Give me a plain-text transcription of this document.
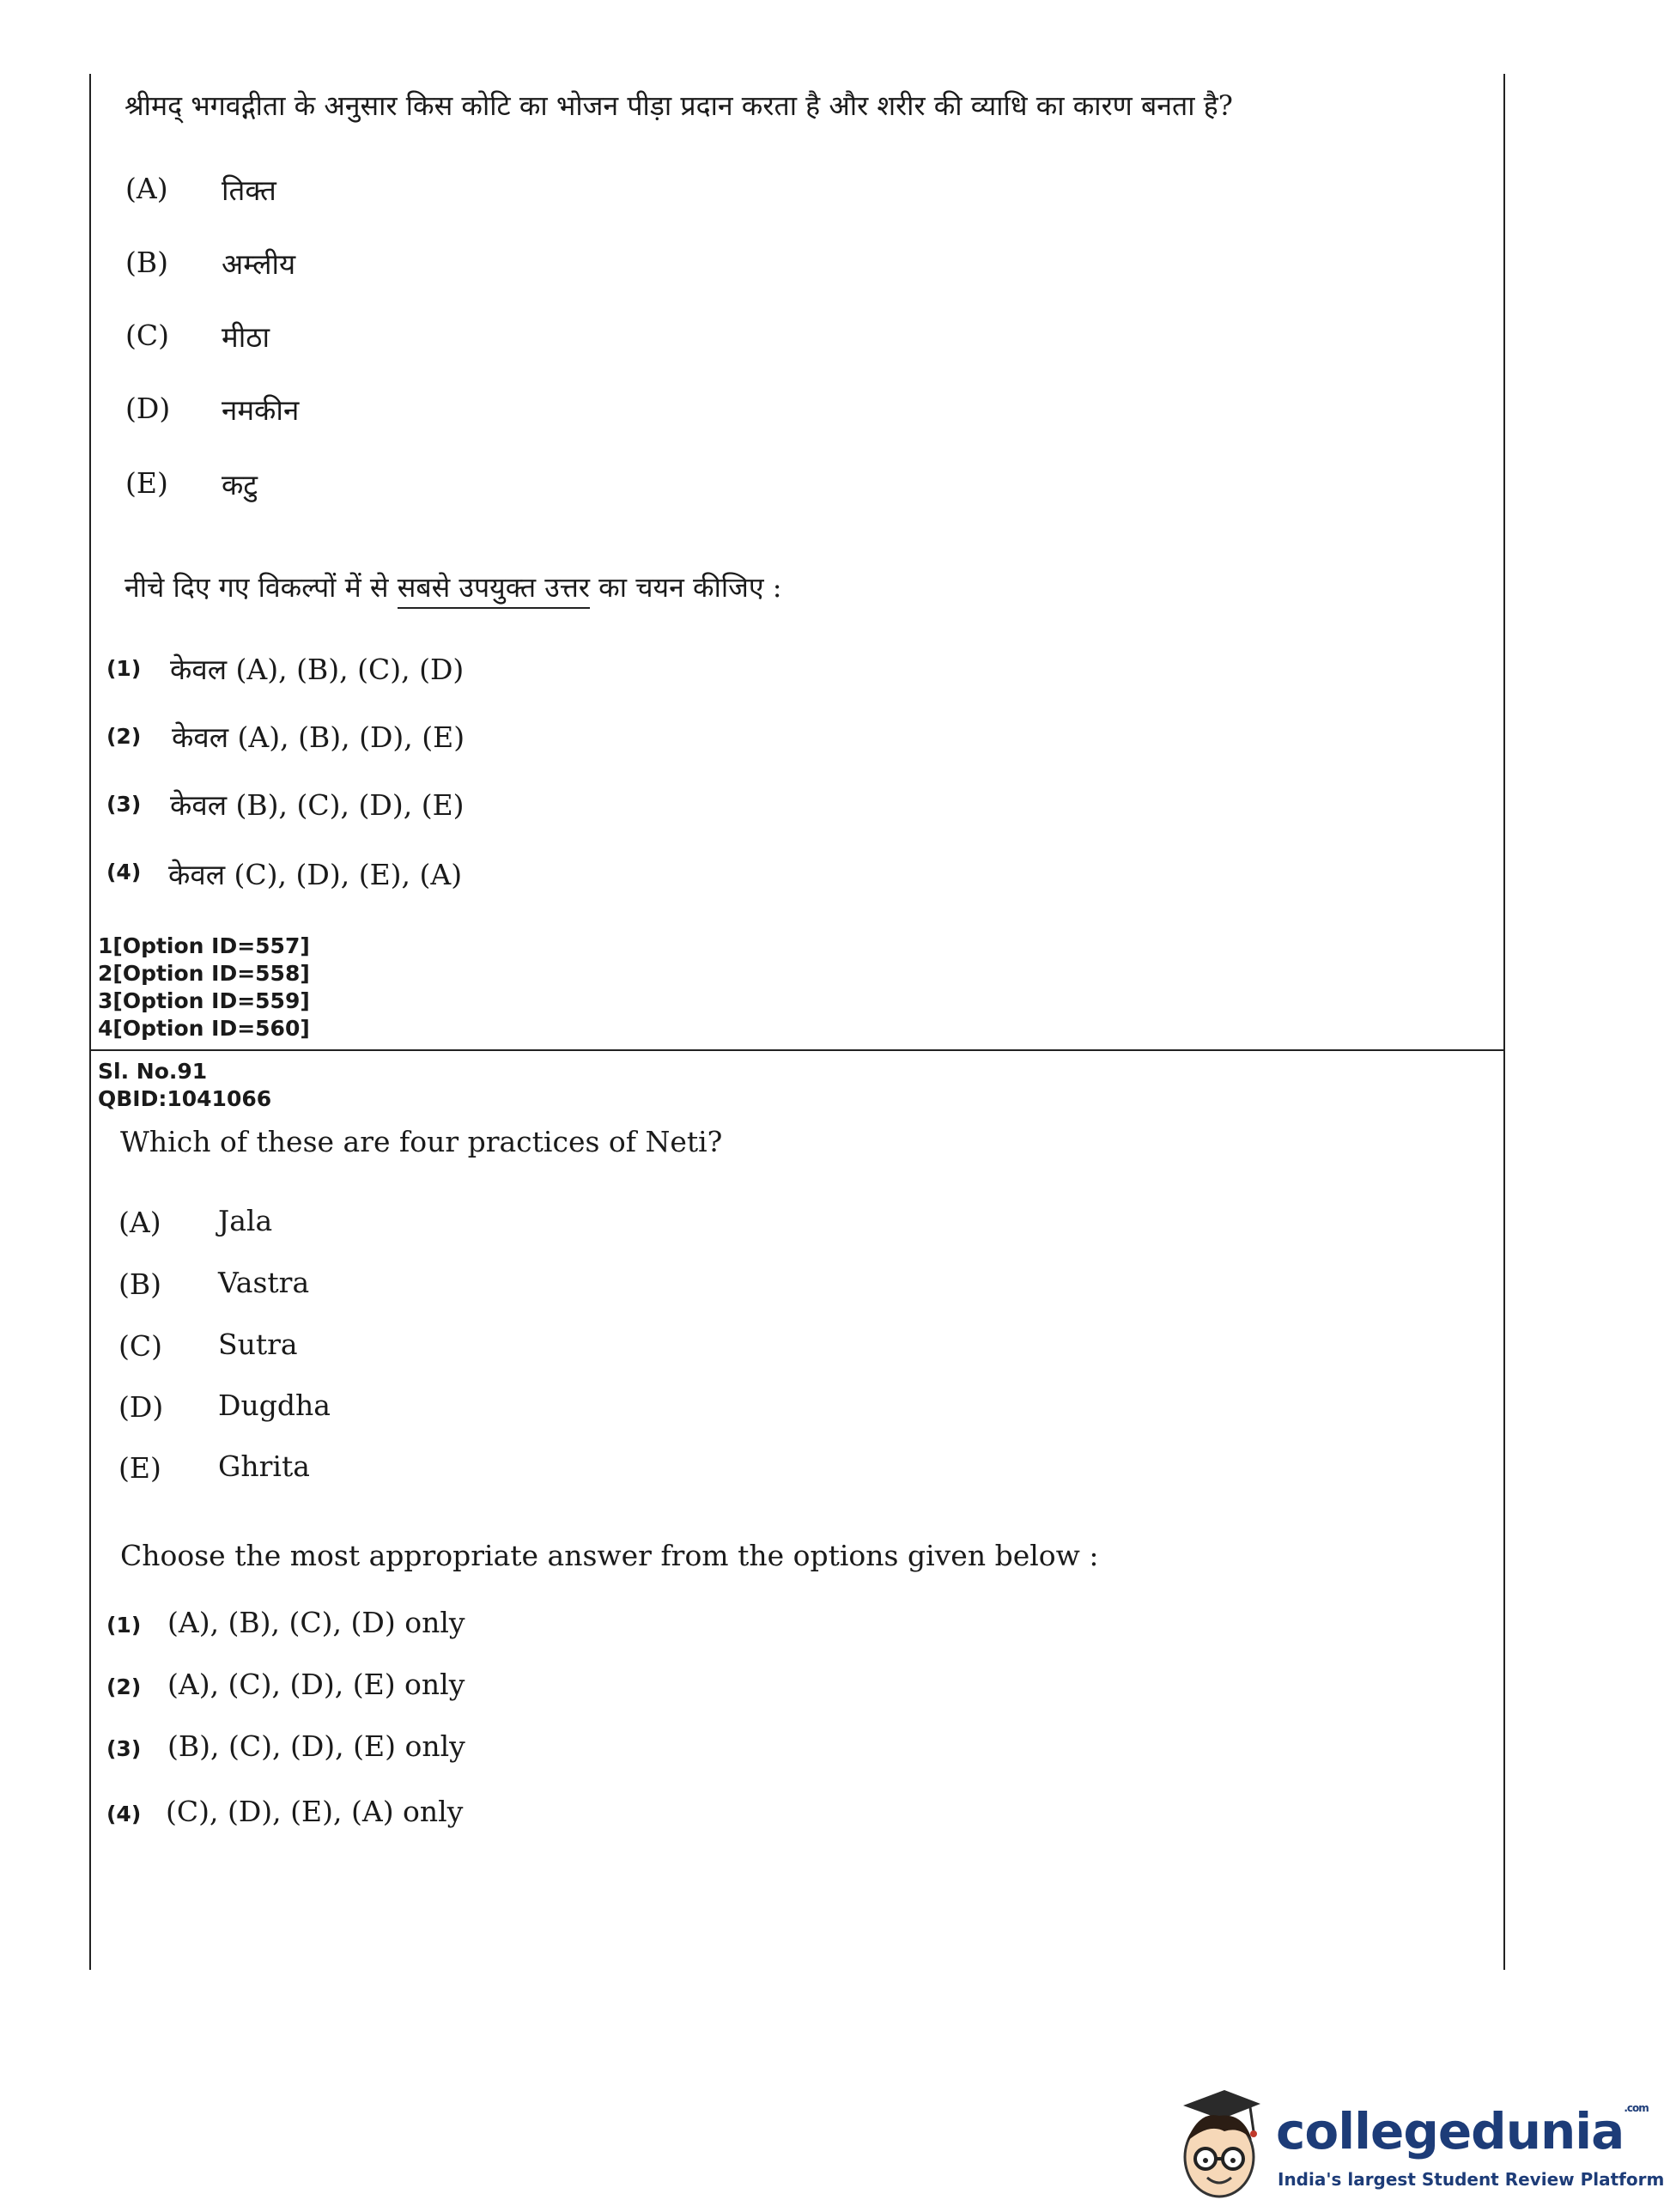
श्रीमद् भगवद्गीता के अनुसार किस कोटि का भोजन पीड़ा प्रदान करता है और शरीर की व्याधि का कारण बनता है?
(A) तिक्त
(B) अम्लीय
(C) मीठा
(D) नमकीन
(E) कटु
नीचे दिए गए विकल्पों में से सबसे उपयुक्त उत्तर का चयन कीजिए :
(1) केवल (A), (B), (C), (D)
(2) केवल (A), (B), (D), (E)
(3) केवल (B), (C), (D), (E)
(4) केवल (C), (D), (E), (A)
1[Option ID=557]
2[Option ID=558]
3[Option ID=559]
4[Option ID=560]
Sl. No.91
QBID:1041066
Which of these are four practices of Neti?
(A) Jala
(B) Vastra
(C) Sutra
(D) Dugdha
(E) Ghrita
Choose the most appropriate answer from the options given below :
(1) (A), (B), (C), (D) only
(2) (A), (C), (D), (E) only
(3) (B), (C), (D), (E) only
(4) (C), (D), (E), (A) only
collegedunia$^{.com}$
India's largest Student Review Platform
